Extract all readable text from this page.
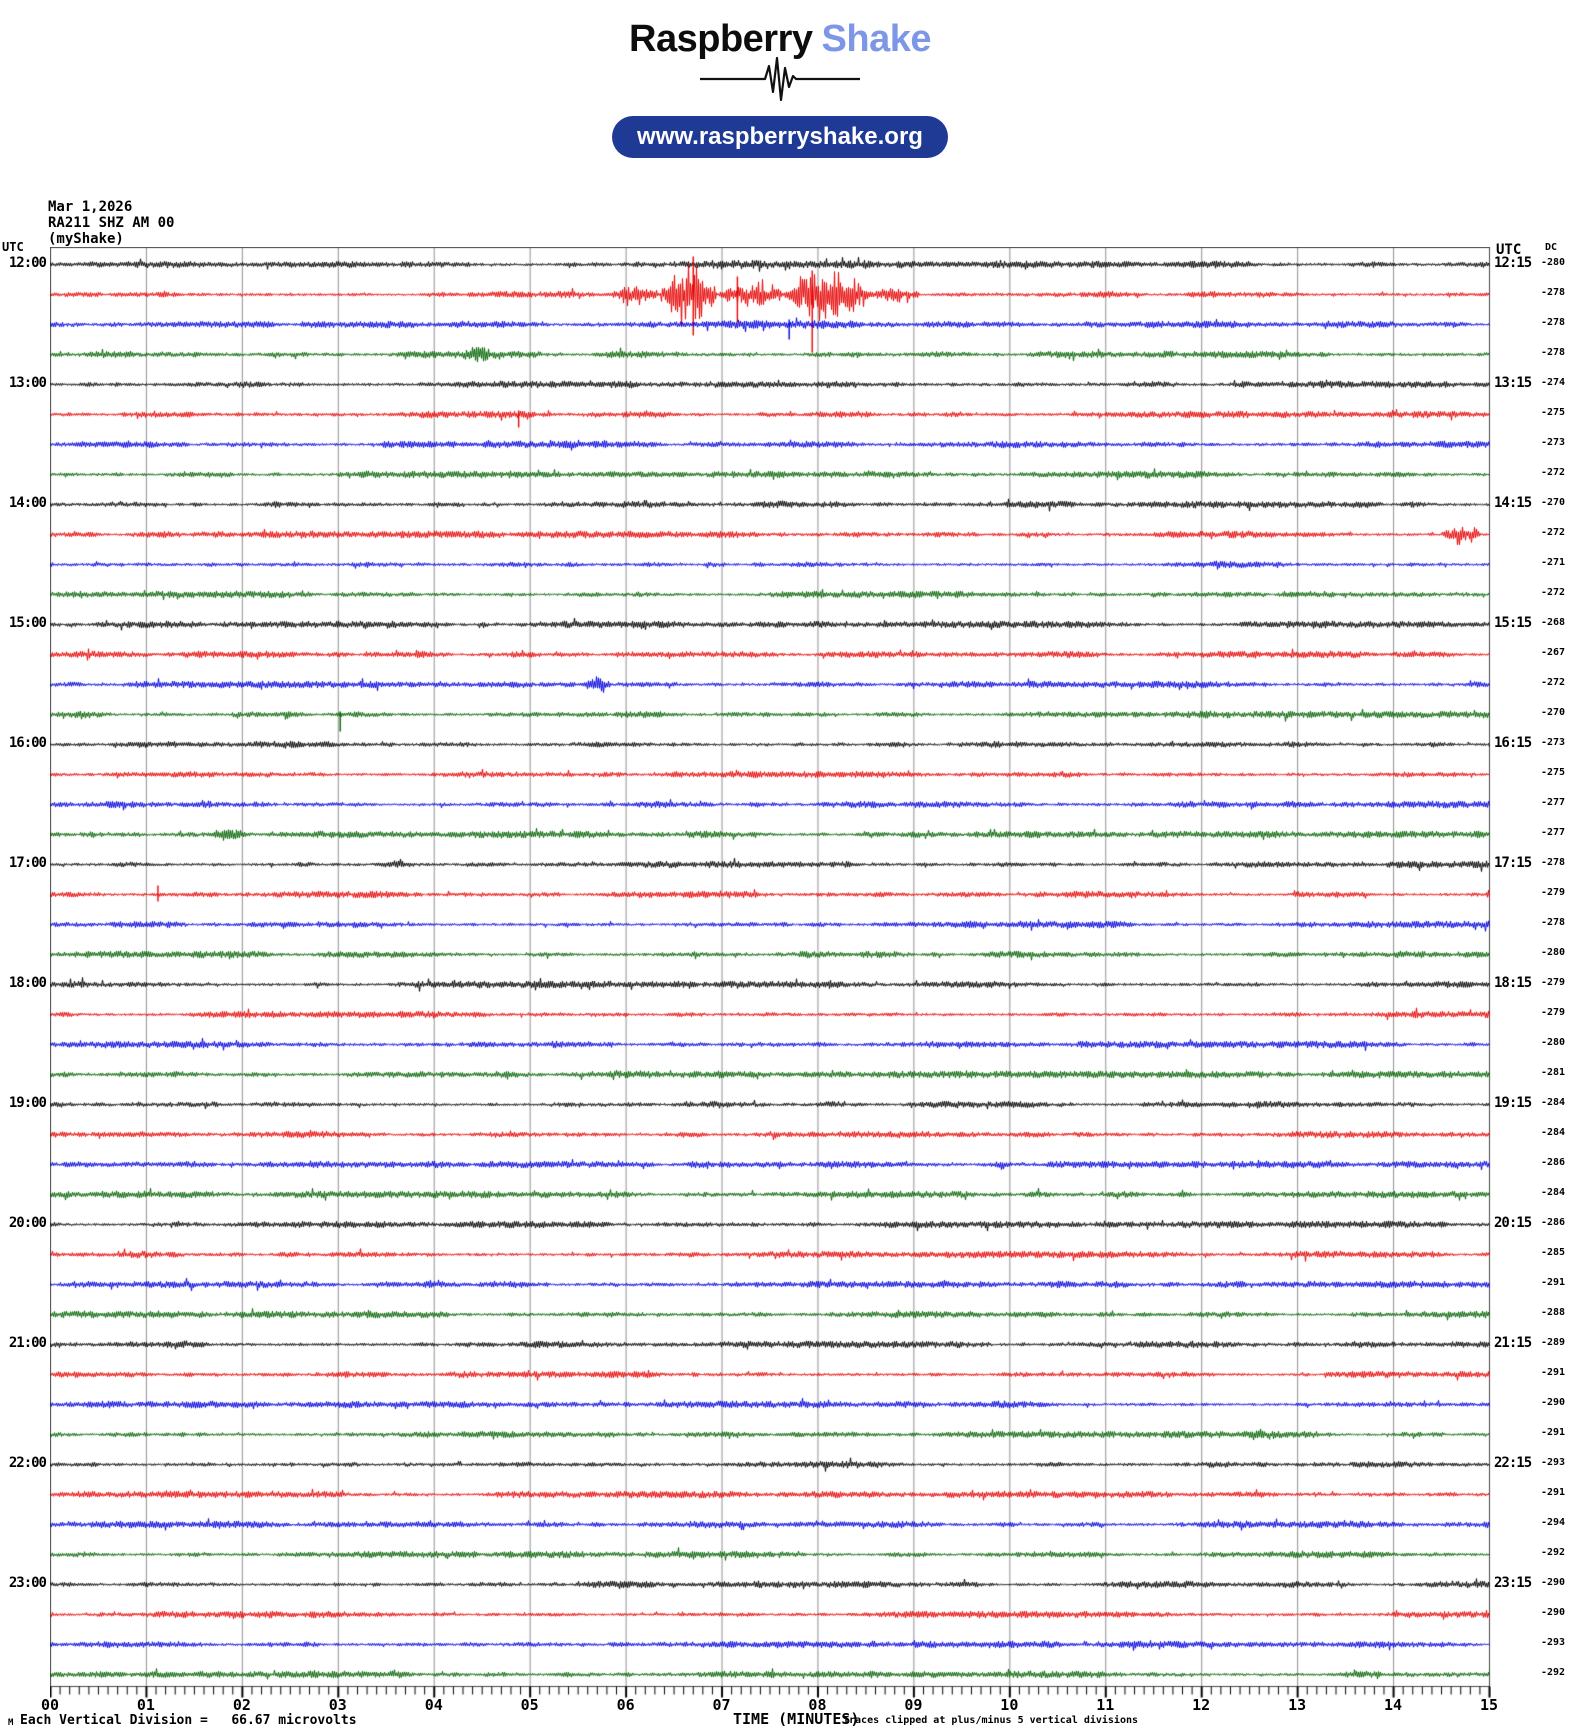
Raspberry Shake
www.raspberryshake.org
Mar 1,2026
RA211 SHZ AM 00
(myShake)
UTC	UTC DC
12:00	12:15 -280
-278
-278
-278
13:00	13:15 -274
-275
-273
-272
14:00	14:15 -270
-272
-271
-272
15:00	15:15 -268
-267
-272
-270
16:00	16:15 -273
-275
-277
-277
17:00	17:15 -278
-279
-278
-280
18:00	18:15 -279
-279
-280
-281
19:00	19:15 -284
-284
-286
-284
20:00	20:15 -286
-285
-291
-288
21:00	21:15 -289
-291
-290
-291
22:00	22:15 -293
-291
-294
-292
23:00	23:15 -290
-290
-293
-292
00	01	02	03	04	05	06	07	08	09	10	11	12	13	14	15
M Each Vertical Division =   66.67 microvolts	TIME (MINUTES)
Traces clipped at plus/minus 5 vertical divisions
